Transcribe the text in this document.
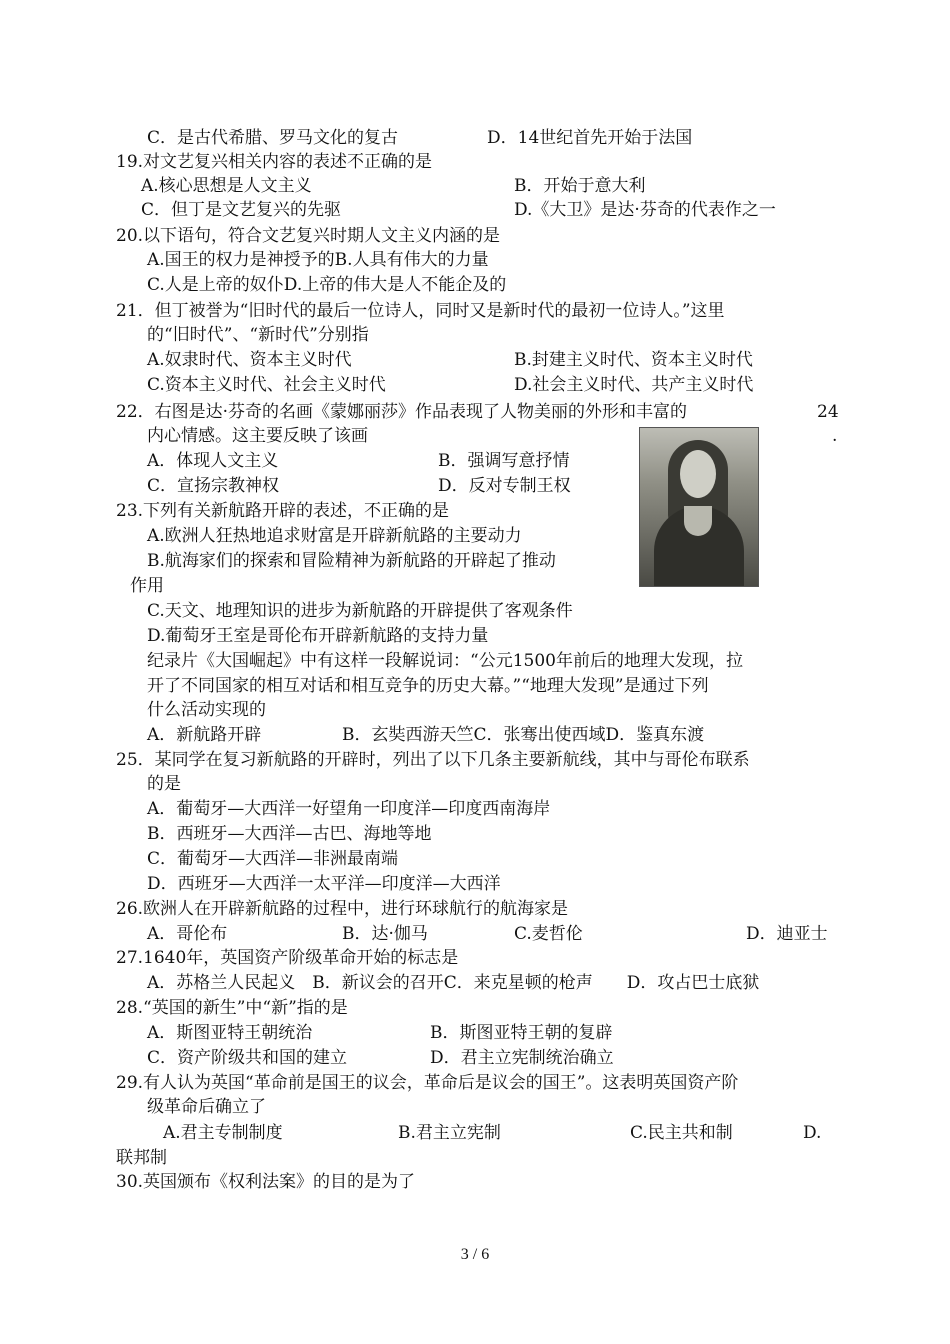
C．是古代希腊、罗马文化的复古	D．14世纪首先开始于法国
19.对文艺复兴相关内容的表述不正确的是
A.核心思想是人文主义	B．开始于意大利
C．但丁是文艺复兴的先驱	D.《大卫》是达·芬奇的代表作之一
20.以下语句，符合文艺复兴时期人文主义内涵的是
A.国王的权力是神授予的B.人具有伟大的力量
C.人是上帝的奴仆D.上帝的伟大是人不能企及的
21．但丁被誉为“旧时代的最后一位诗人，同时又是新时代的最初一位诗人。”这里
的“旧时代”、“新时代”分别指
A.奴隶时代、资本主义时代	B.封建主义时代、资本主义时代
C.资本主义时代、社会主义时代	D.社会主义时代、共产主义时代
22．右图是达·芬奇的名画《蒙娜丽莎》作品表现了人物美丽的外形和丰富的	24
内心情感。这主要反映了该画	.
A．体现人文主义	B．强调写意抒情
C．宣扬宗教神权	D．反对专制王权
23.下列有关新航路开辟的表述，不正确的是
A.欧洲人狂热地追求财富是开辟新航路的主要动力
B.航海家们的探索和冒险精神为新航路的开辟起了推动
作用
C.天文、地理知识的进步为新航路的开辟提供了客观条件
D.葡萄牙王室是哥伦布开辟新航路的支持力量
纪录片《大国崛起》中有这样一段解说词：“公元1500年前后的地理大发现，拉
开了不同国家的相互对话和相互竞争的历史大幕。”“地理大发现”是通过下列
什么活动实现的
A．新航路开辟	B．玄奘西游天竺C．张骞出使西域D．鉴真东渡
25．某同学在复习新航路的开辟时，列出了以下几条主要新航线，其中与哥伦布联系
的是
A．葡萄牙—大西洋一好望角一印度洋—印度西南海岸
B．西班牙—大西洋—古巴、海地等地
C．葡萄牙—大西洋—非洲最南端
D．西班牙—大西洋一太平洋—印度洋—大西洋
26.欧洲人在开辟新航路的过程中，进行环球航行的航海家是
A．哥伦布	B．达·伽马	C.麦哲伦	D．迪亚士
27.1640年，英国资产阶级革命开始的标志是
A．苏格兰人民起义　B．新议会的召开C．来克星顿的枪声　　D．攻占巴士底狱
28.“英国的新生”中“新”指的是
A．斯图亚特王朝统治	B．斯图亚特王朝的复辟
C．资产阶级共和国的建立	D．君主立宪制统治确立
29.有人认为英国“革命前是国王的议会，革命后是议会的国王”。这表明英国资产阶
级革命后确立了
A.君主专制制度	B.君主立宪制	C.民主共和制	D.
联邦制
30.英国颁布《权利法案》的目的是为了
3 / 6
